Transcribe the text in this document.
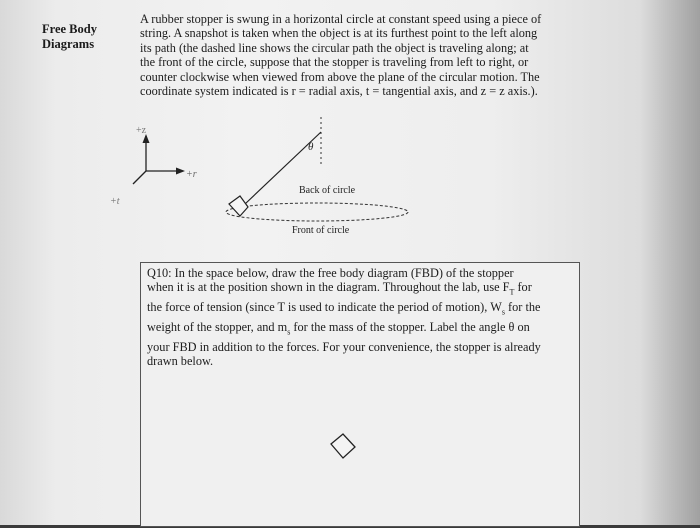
Free Body
Diagrams
A rubber stopper is swung in a horizontal circle at constant speed using a piece of
string. A snapshot is taken when the object is at its furthest point to the left along
its path (the dashed line shows the circular path the object is traveling along; at
the front of the circle, suppose that the stopper is traveling from left to right, or
counter clockwise when viewed from above the plane of the circular motion. The
coordinate system indicated is r = radial axis, t = tangential axis, and z = z axis.).
+z
+r
+t
θ
Back of circle
Front of circle
Q10: In the space below, draw the free body diagram (FBD) of the stopper
when it is at the position shown in the diagram. Throughout the lab, use $F_T$ for
the force of tension (since T is used to indicate the period of motion), $W_s$ for the
weight of the stopper, and $m_s$ for the mass of the stopper. Label the angle θ on
your FBD in addition to the forces. For your convenience, the stopper is already
drawn below.
